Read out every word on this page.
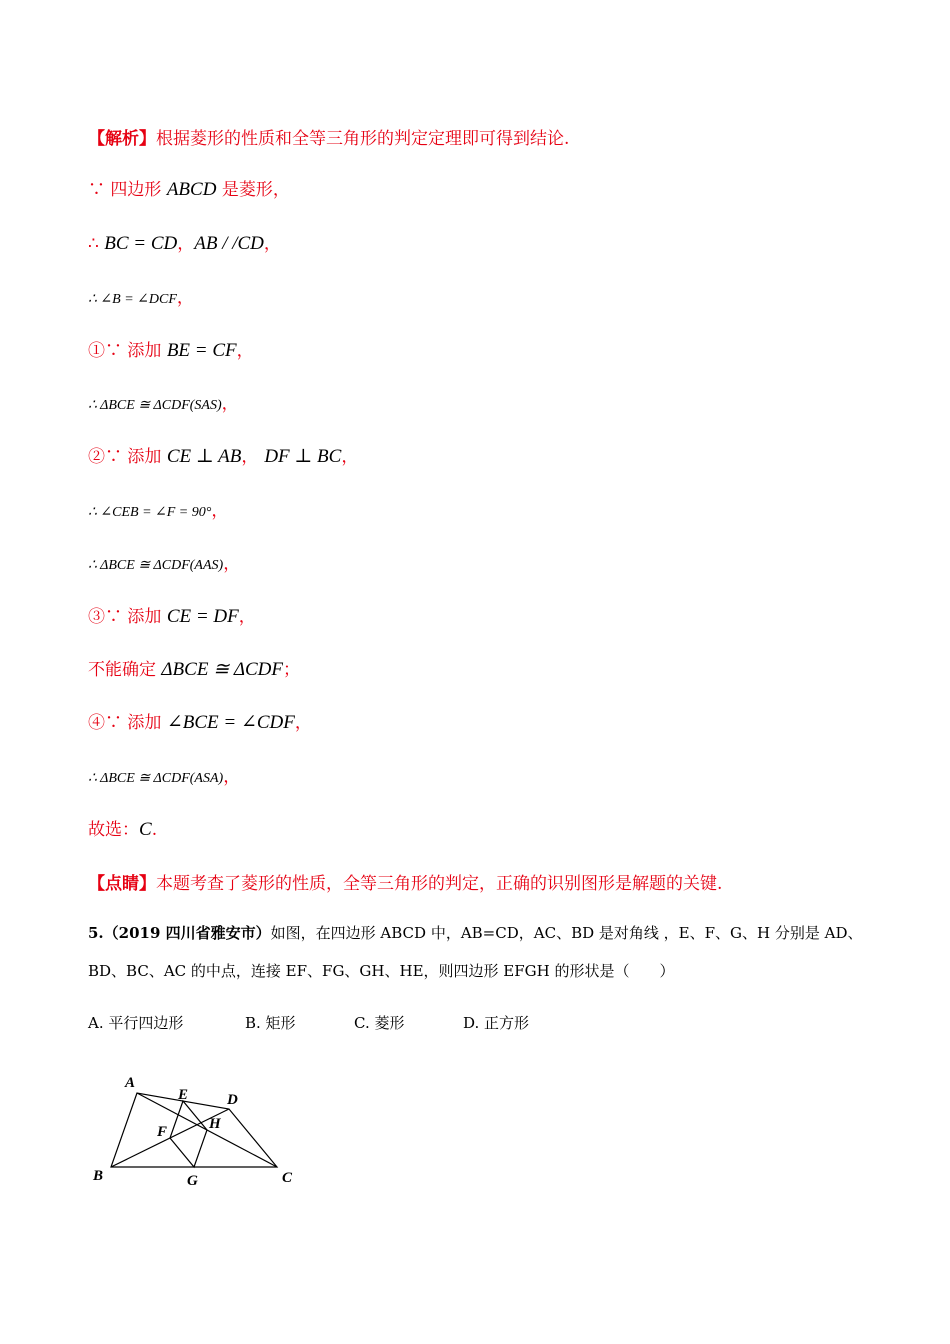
【解析】根据菱形的性质和全等三角形的判定定理即可得到结论.
∵ 四边形 ABCD 是菱形，
∴ BC = CD，AB / /CD，
∴ ∠B = ∠DCF，
①∵ 添加 BE = CF，
∴ ΔBCE ≅ ΔCDF(SAS)，
②∵ 添加 CE ⊥ AB， DF ⊥ BC，
∴ ∠CEB = ∠F = 90°，
∴ ΔBCE ≅ ΔCDF(AAS)，
③∵ 添加 CE = DF，
不能确定 ΔBCE ≅ ΔCDF；
④∵ 添加 ∠BCE = ∠CDF，
∴ ΔBCE ≅ ΔCDF(ASA)，
故选：C.
【点睛】本题考查了菱形的性质，全等三角形的判定，正确的识别图形是解题的关键.
5.（2019 四川省雅安市）如图，在四边形 ABCD 中，AB=CD，AC、BD 是对角线 ，E、F、G、H 分别是 AD、
BD、BC、AC 的中点，连接 EF、FG、GH、HE，则四边形 EFGH 的形状是（　　）
A. 平行四边形	B. 矩形	C. 菱形	D. 正方形
A
B	C
D
E
F
G
H
